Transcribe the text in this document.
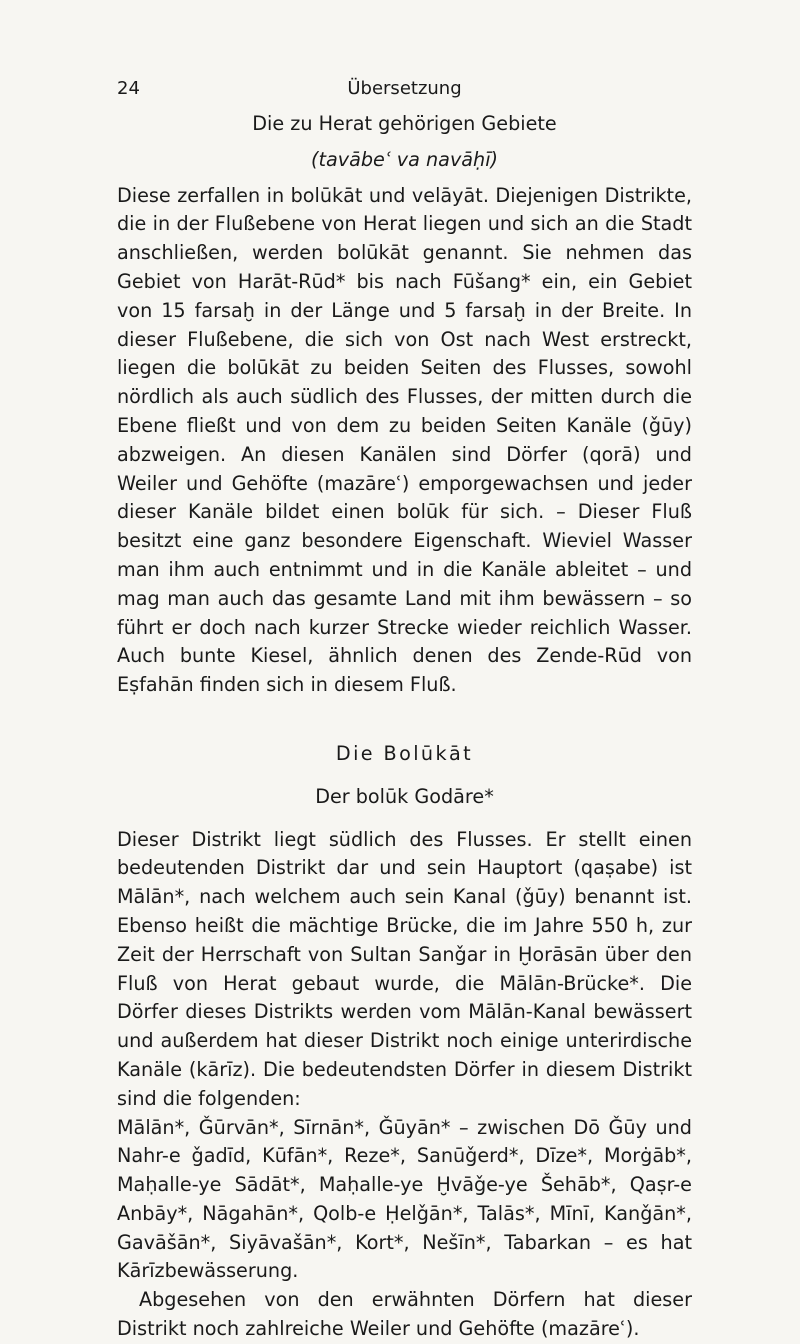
24	Übersetzung

Die zu Herat gehörigen Gebiete

(tavābeʿ va navāḥī)

Diese zerfallen in bolūkāt und velāyāt. Diejenigen Distrikte, die in der Flußebene von Herat liegen und sich an die Stadt anschließen, werden bolūkāt genannt. Sie nehmen das Gebiet von Harāt-Rūd* bis nach Fūšang* ein, ein Gebiet von 15 farsaḫ in der Länge und 5 farsaḫ in der Breite. In dieser Flußebene, die sich von Ost nach West erstreckt, liegen die bolūkāt zu beiden Seiten des Flusses, sowohl nördlich als auch südlich des Flusses, der mitten durch die Ebene fließt und von dem zu beiden Seiten Kanäle (ǧūy) abzweigen. An diesen Kanälen sind Dörfer (qorā) und Weiler und Gehöfte (mazāreʿ) emporgewachsen und jeder dieser Kanäle bildet einen bolūk für sich. – Dieser Fluß besitzt eine ganz besondere Eigenschaft. Wieviel Wasser man ihm auch entnimmt und in die Kanäle ableitet – und mag man auch das gesamte Land mit ihm bewässern – so führt er doch nach kurzer Strecke wieder reichlich Wasser. Auch bunte Kiesel, ähnlich denen des Zende-Rūd von Eṣfahān finden sich in diesem Fluß.

Die Bolūkāt

Der bolūk Godāre*

Dieser Distrikt liegt südlich des Flusses. Er stellt einen bedeutenden Distrikt dar und sein Hauptort (qaṣabe) ist Mālān*, nach welchem auch sein Kanal (ǧūy) benannt ist. Ebenso heißt die mächtige Brücke, die im Jahre 550 h, zur Zeit der Herrschaft von Sultan Sanǧar in Ḫorāsān über den Fluß von Herat gebaut wurde, die Mālān-Brücke*. Die Dörfer dieses Distrikts werden vom Mālān-Kanal bewässert und außerdem hat dieser Distrikt noch einige unterirdische Kanäle (kārīz). Die bedeutendsten Dörfer in diesem Distrikt sind die folgenden:

Mālān*, Ǧūrvān*, Sīrnān*, Ǧūyān* – zwischen Dō Ǧūy und Nahr-e ǧadīd, Kūfān*, Reze*, Sanūǧerd*, Dīze*, Morġāb*, Maḥalle-ye Sādāt*, Maḥalle-ye Ḫvāǧe-ye Šehāb*, Qaṣr-e Anbāy*, Nāgahān*, Qolb-e Ḥelǧān*, Talās*, Mīnī, Kanǧān*, Gavāšān*, Siyāvašān*, Kort*, Nešīn*, Tabarkan – es hat Kārīzbewässerung.

Abgesehen von den erwähnten Dörfern hat dieser Distrikt noch zahlreiche Weiler und Gehöfte (mazāreʿ).
